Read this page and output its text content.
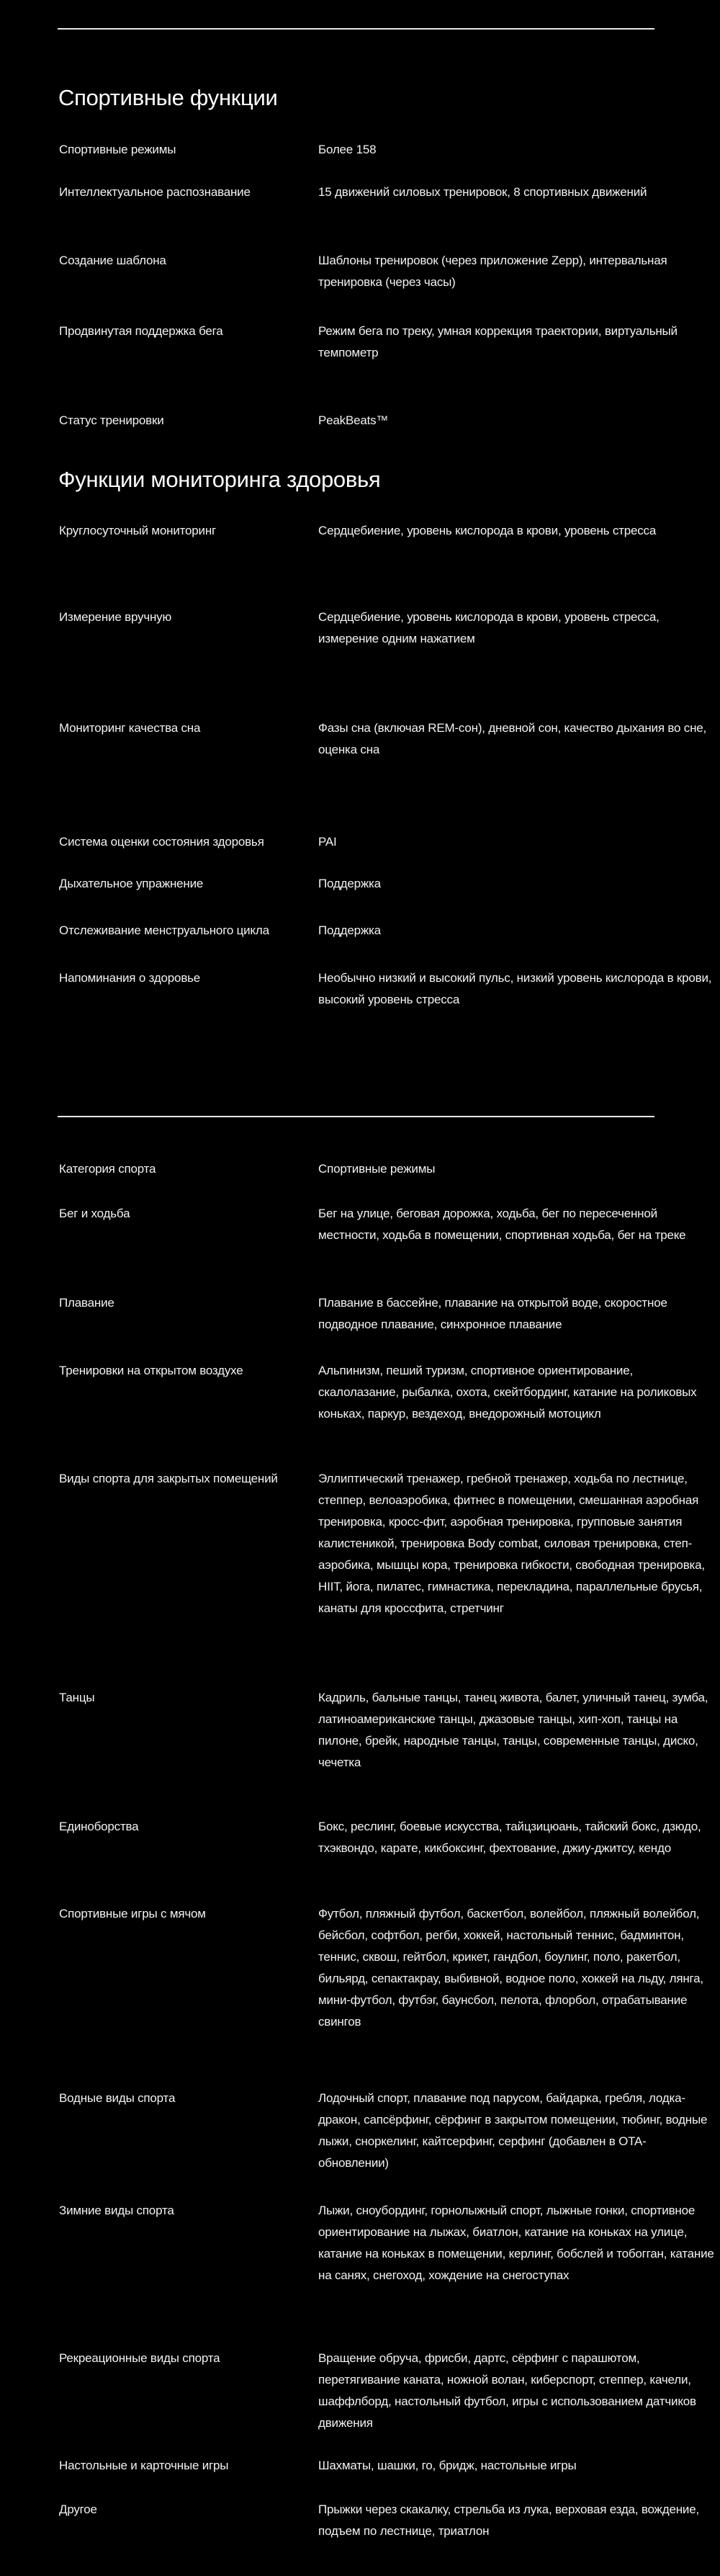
Спортивные функции
Спортивные режимы	Более 158
Интеллектуальное распознавание	15 движений силовых тренировок, 8 спортивных движений
Создание шаблона	Шаблоны тренировок (через приложение Zepp), интервальная тренировка (через часы)
Продвинутая поддержка бега	Режим бега по треку, умная коррекция траектории, виртуальный темпометр
Статус тренировки	PeakBeats™
Функции мониторинга здоровья
Круглосуточный мониторинг	Сердцебиение, уровень кислорода в крови, уровень стресса
Измерение вручную	Сердцебиение, уровень кислорода в крови, уровень стресса, измерение одним нажатием
Мониторинг качества сна	Фазы сна (включая REM-сон), дневной сон, качество дыхания во сне, оценка сна
Система оценки состояния здоровья	PAI
Дыхательное упражнение	Поддержка
Отслеживание менструального цикла	Поддержка
Напоминания о здоровье	Необычно низкий и высокий пульс, низкий уровень кислорода в крови, высокий уровень стресса
Категория спорта	Спортивные режимы
Бег и ходьба	Бег на улице, беговая дорожка, ходьба, бег по пересеченной местности, ходьба в помещении, спортивная ходьба, бег на треке
Плавание	Плавание в бассейне, плавание на открытой воде, скоростное подводное плавание, синхронное плавание
Тренировки на открытом воздухе	Альпинизм, пеший туризм, спортивное ориентирование, скалолазание, рыбалка, охота, скейтбординг, катание на роликовых коньках, паркур, вездеход, внедорожный мотоцикл
Виды спорта для закрытых помещений	Эллиптический тренажер, гребной тренажер, ходьба по лестнице, степпер, велоаэробика, фитнес в помещении, смешанная аэробная тренировка, кросс-фит, аэробная тренировка, групповые занятия калистеникой, тренировка Body combat, силовая тренировка, степ-аэробика, мышцы кора, тренировка гибкости, свободная тренировка, HIIT, йога, пилатес, гимнастика, перекладина, параллельные брусья, канаты для кроссфита, стретчинг
Танцы	Кадриль, бальные танцы, танец живота, балет, уличный танец, зумба, латиноамериканские танцы, джазовые танцы, хип-хоп, танцы на пилоне, брейк, народные танцы, танцы, современные танцы, диско, чечетка
Единоборства	Бокс, реслинг, боевые искусства, тайцзицюань, тайский бокс, дзюдо, тхэквондо, карате, кикбоксинг, фехтование, джиу-джитсу, кендо
Спортивные игры с мячом	Футбол, пляжный футбол, баскетбол, волейбол, пляжный волейбол, бейсбол, софтбол, регби, хоккей, настольный теннис, бадминтон, теннис, сквош, гейтбол, крикет, гандбол, боулинг, поло, ракетбол, бильярд, сепактакрау, выбивной, водное поло, хоккей на льду, лянга, мини-футбол, футбэг, баунсбол, пелота, флорбол, отрабатывание свингов
Водные виды спорта	Лодочный спорт, плавание под парусом, байдарка, гребля, лодка-дракон, сапсёрфинг, сёрфинг в закрытом помещении, тюбинг, водные лыжи, сноркелинг, кайтсерфинг, серфинг (добавлен в OTA-обновлении)
Зимние виды спорта	Лыжи, сноубординг, горнолыжный спорт, лыжные гонки, спортивное ориентирование на лыжах, биатлон, катание на коньках на улице, катание на коньках в помещении, керлинг, бобслей и тобогган, катание на санях, снегоход, хождение на снегоступах
Рекреационные виды спорта	Вращение обруча, фрисби, дартс, сёрфинг с парашютом, перетягивание каната, ножной волан, киберспорт, степпер, качели, шаффлборд, настольный футбол, игры с использованием датчиков движения
Настольные и карточные игры	Шахматы, шашки, го, бридж, настольные игры
Другое	Прыжки через скакалку, стрельба из лука, верховая езда, вождение, подъем по лестнице, триатлон
